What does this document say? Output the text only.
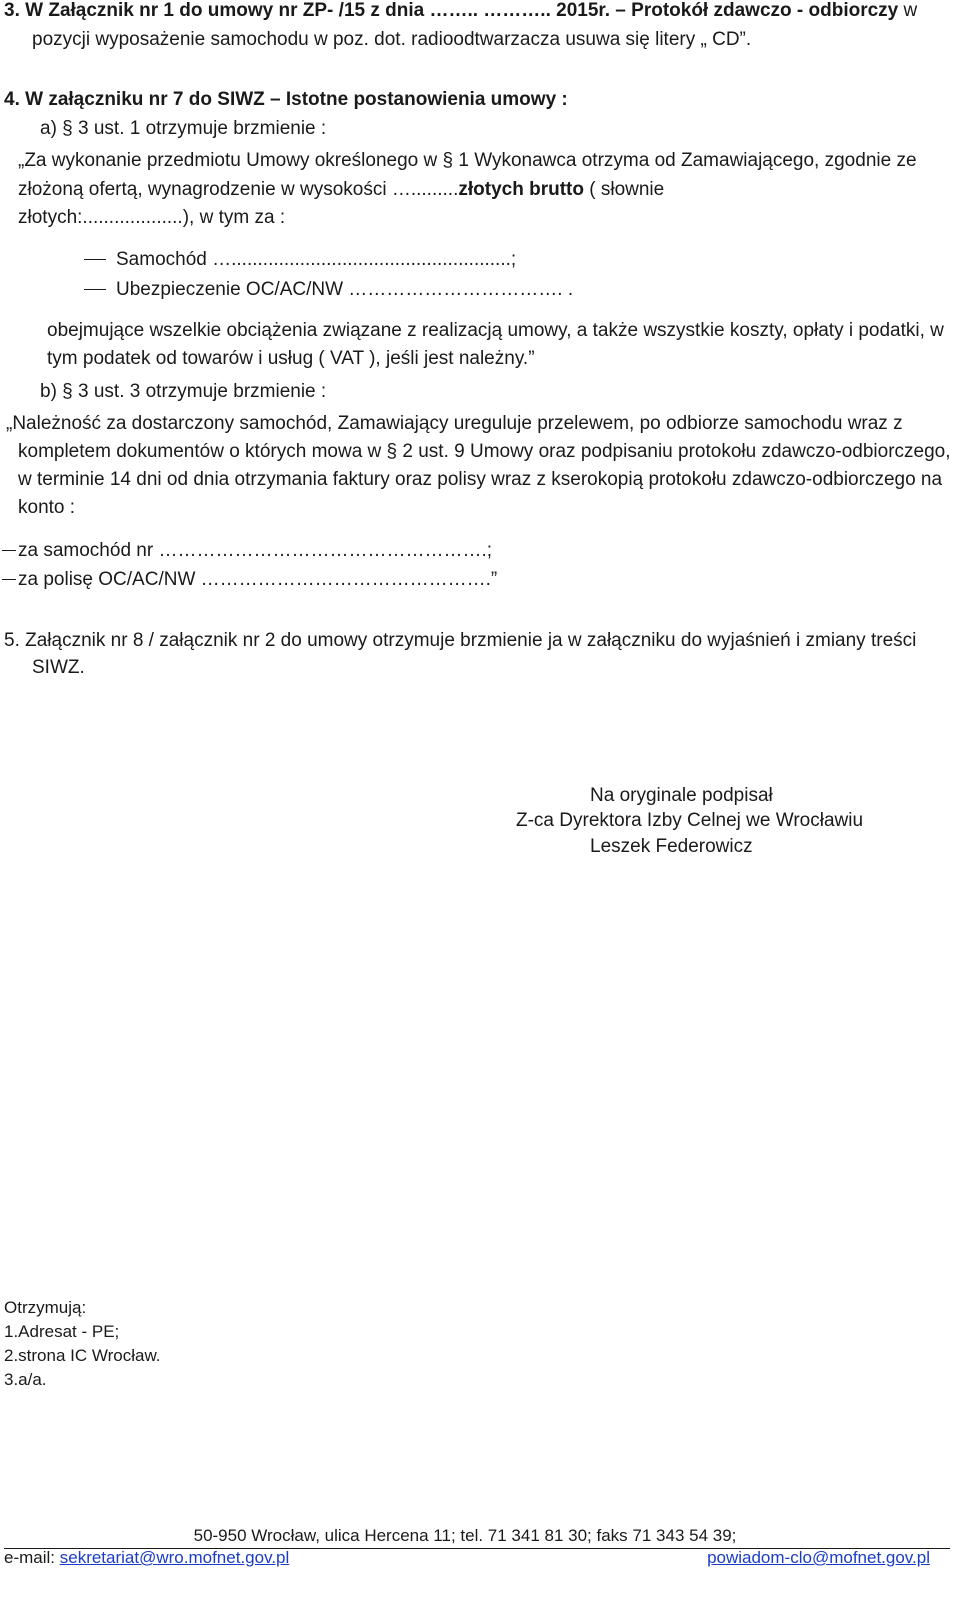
3. W Załącznik nr 1 do umowy nr ZP- /15 z dnia …….. ……….. 2015r. – Protokół zdawczo - odbiorczy w
pozycji wyposażenie samochodu w poz. dot. radioodtwarzacza usuwa się litery „ CD”.
4. W załączniku nr 7 do SIWZ – Istotne postanowienia umowy :
a) § 3 ust. 1 otrzymuje brzmienie :
„Za wykonanie przedmiotu Umowy określonego w § 1 Wykonawca otrzyma od Zamawiającego, zgodnie ze
złożoną ofertą, wynagrodzenie w wysokości ….........złotych brutto ( słownie
złotych:...................), w tym za :
Samochód ….....................................................;
Ubezpieczenie OC/AC/NW ……………………………. .
obejmujące wszelkie obciążenia związane z realizacją umowy, a także wszystkie koszty, opłaty i podatki, w
tym podatek od towarów i usług ( VAT ), jeśli jest należny.”
b) § 3 ust. 3 otrzymuje brzmienie :
„Należność za dostarczony samochód, Zamawiający ureguluje przelewem, po odbiorze samochodu wraz z
kompletem dokumentów o których mowa w § 2 ust. 9 Umowy oraz podpisaniu protokołu zdawczo-odbiorczego,
w terminie 14 dni od dnia otrzymania faktury oraz polisy wraz z kserokopią protokołu zdawczo-odbiorczego na
konto :
za samochód nr …………………………………………….;
za polisę OC/AC/NW ……………………………………….”
5. Załącznik nr 8 / załącznik nr 2 do umowy otrzymuje brzmienie ja w załączniku do wyjaśnień i zmiany treści
SIWZ.
Na oryginale podpisał
Z-ca Dyrektora Izby Celnej we Wrocławiu
Leszek Federowicz
Otrzymują:
1.Adresat - PE;
2.strona IC Wrocław.
3.a/a.
50-950 Wrocław, ulica Hercena 11; tel. 71 341 81 30; faks 71 343 54 39;
e-mail: sekretariat@wro.mofnet.gov.pl	powiadom-clo@mofnet.gov.pl
